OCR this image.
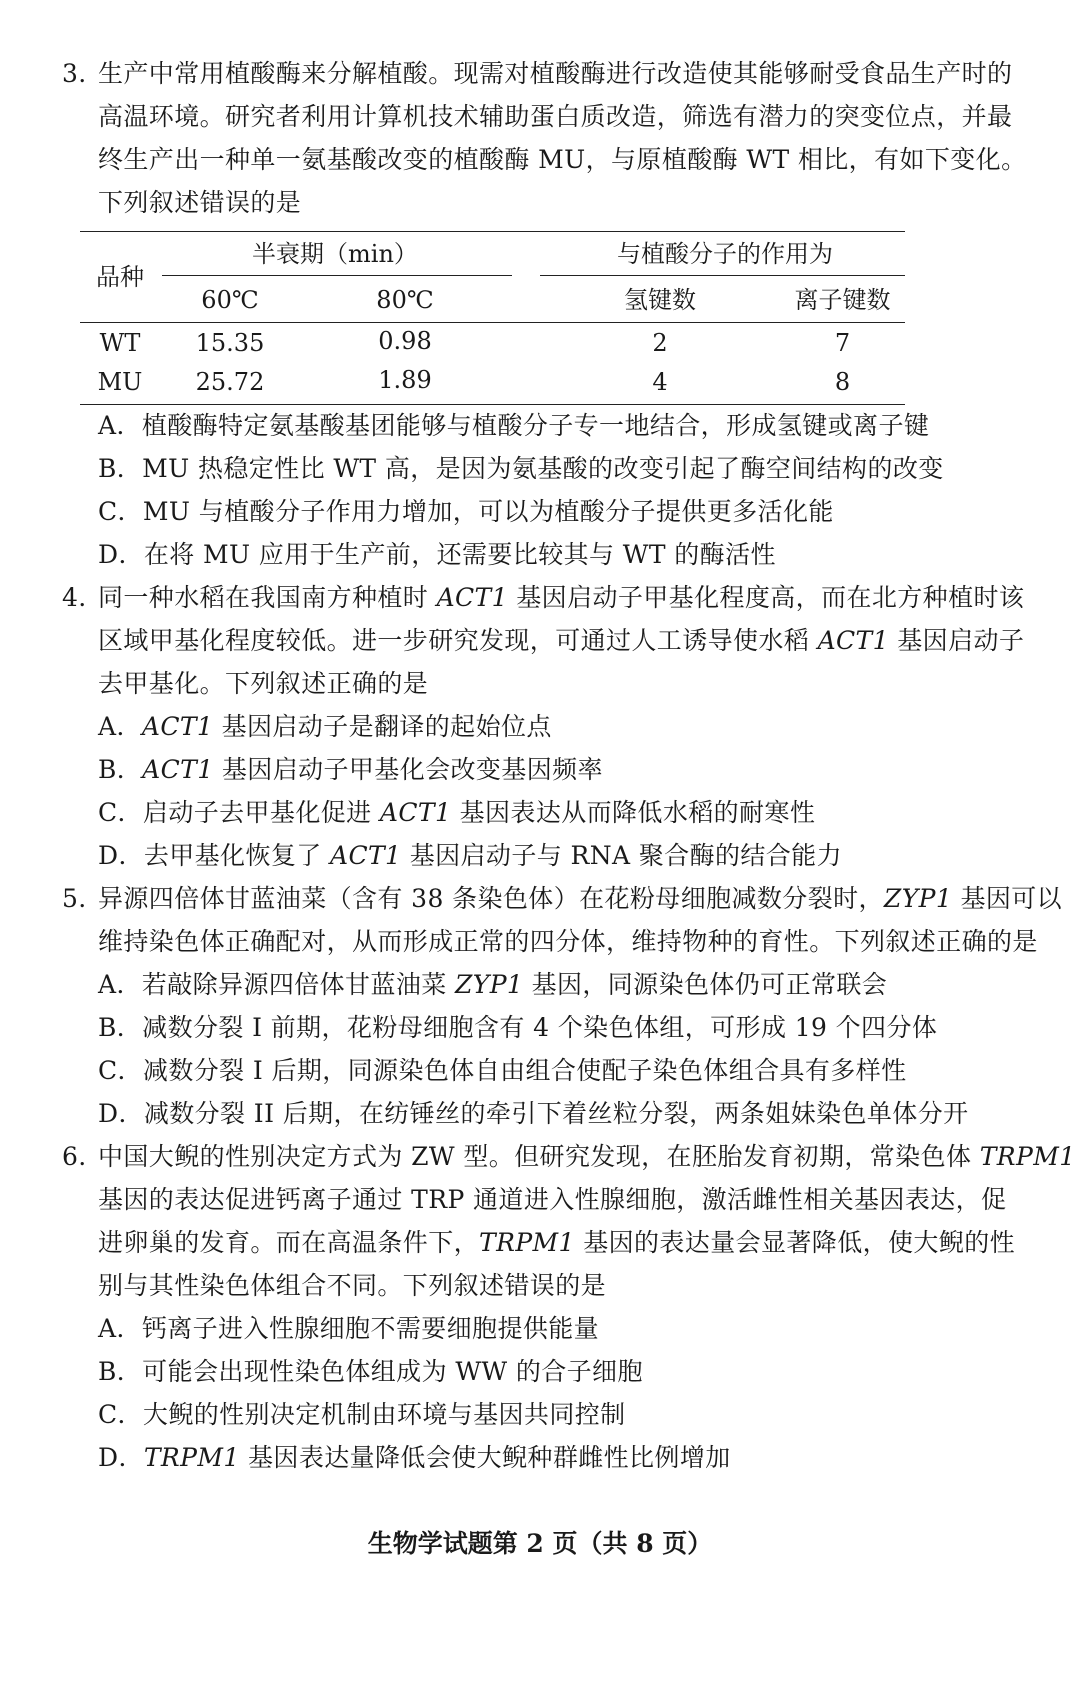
3. 生产中常用植酸酶来分解植酸。现需对植酸酶进行改造使其能够耐受食品生产时的
高温环境。研究者利用计算机技术辅助蛋白质改造，筛选有潜力的突变位点，并最
终生产出一种单一氨基酸改变的植酸酶 MU，与原植酸酶 WT 相比，有如下变化。
下列叙述错误的是
品种
半衰期（min）	与植酸分子的作用为
60℃	80℃	氢键数	离子键数
WT	15.35	0.98	2	7
MU	25.72	1.89	4	8
A．植酸酶特定氨基酸基团能够与植酸分子专一地结合，形成氢键或离子键
B．MU 热稳定性比 WT 高，是因为氨基酸的改变引起了酶空间结构的改变
C．MU 与植酸分子作用力增加，可以为植酸分子提供更多活化能
D．在将 MU 应用于生产前，还需要比较其与 WT 的酶活性
4. 同一种水稻在我国南方种植时 ACT1 基因启动子甲基化程度高，而在北方种植时该
区域甲基化程度较低。进一步研究发现，可通过人工诱导使水稻 ACT1 基因启动子
去甲基化。下列叙述正确的是
A．ACT1 基因启动子是翻译的起始位点
B．ACT1 基因启动子甲基化会改变基因频率
C．启动子去甲基化促进 ACT1 基因表达从而降低水稻的耐寒性
D．去甲基化恢复了 ACT1 基因启动子与 RNA 聚合酶的结合能力
5. 异源四倍体甘蓝油菜（含有 38 条染色体）在花粉母细胞减数分裂时，ZYP1 基因可以
维持染色体正确配对，从而形成正常的四分体，维持物种的育性。下列叙述正确的是
A．若敲除异源四倍体甘蓝油菜 ZYP1 基因，同源染色体仍可正常联会
B．减数分裂 I 前期，花粉母细胞含有 4 个染色体组，可形成 19 个四分体
C．减数分裂 I 后期，同源染色体自由组合使配子染色体组合具有多样性
D．减数分裂 II 后期，在纺锤丝的牵引下着丝粒分裂，两条姐妹染色单体分开
6. 中国大鲵的性别决定方式为 ZW 型。但研究发现，在胚胎发育初期，常染色体 TRPM1
基因的表达促进钙离子通过 TRP 通道进入性腺细胞，激活雌性相关基因表达，促
进卵巢的发育。而在高温条件下，TRPM1 基因的表达量会显著降低，使大鲵的性
别与其性染色体组合不同。下列叙述错误的是
A．钙离子进入性腺细胞不需要细胞提供能量
B．可能会出现性染色体组成为 WW 的合子细胞
C．大鲵的性别决定机制由环境与基因共同控制
D．TRPM1 基因表达量降低会使大鲵种群雌性比例增加
生物学试题第 2 页（共 8 页）
